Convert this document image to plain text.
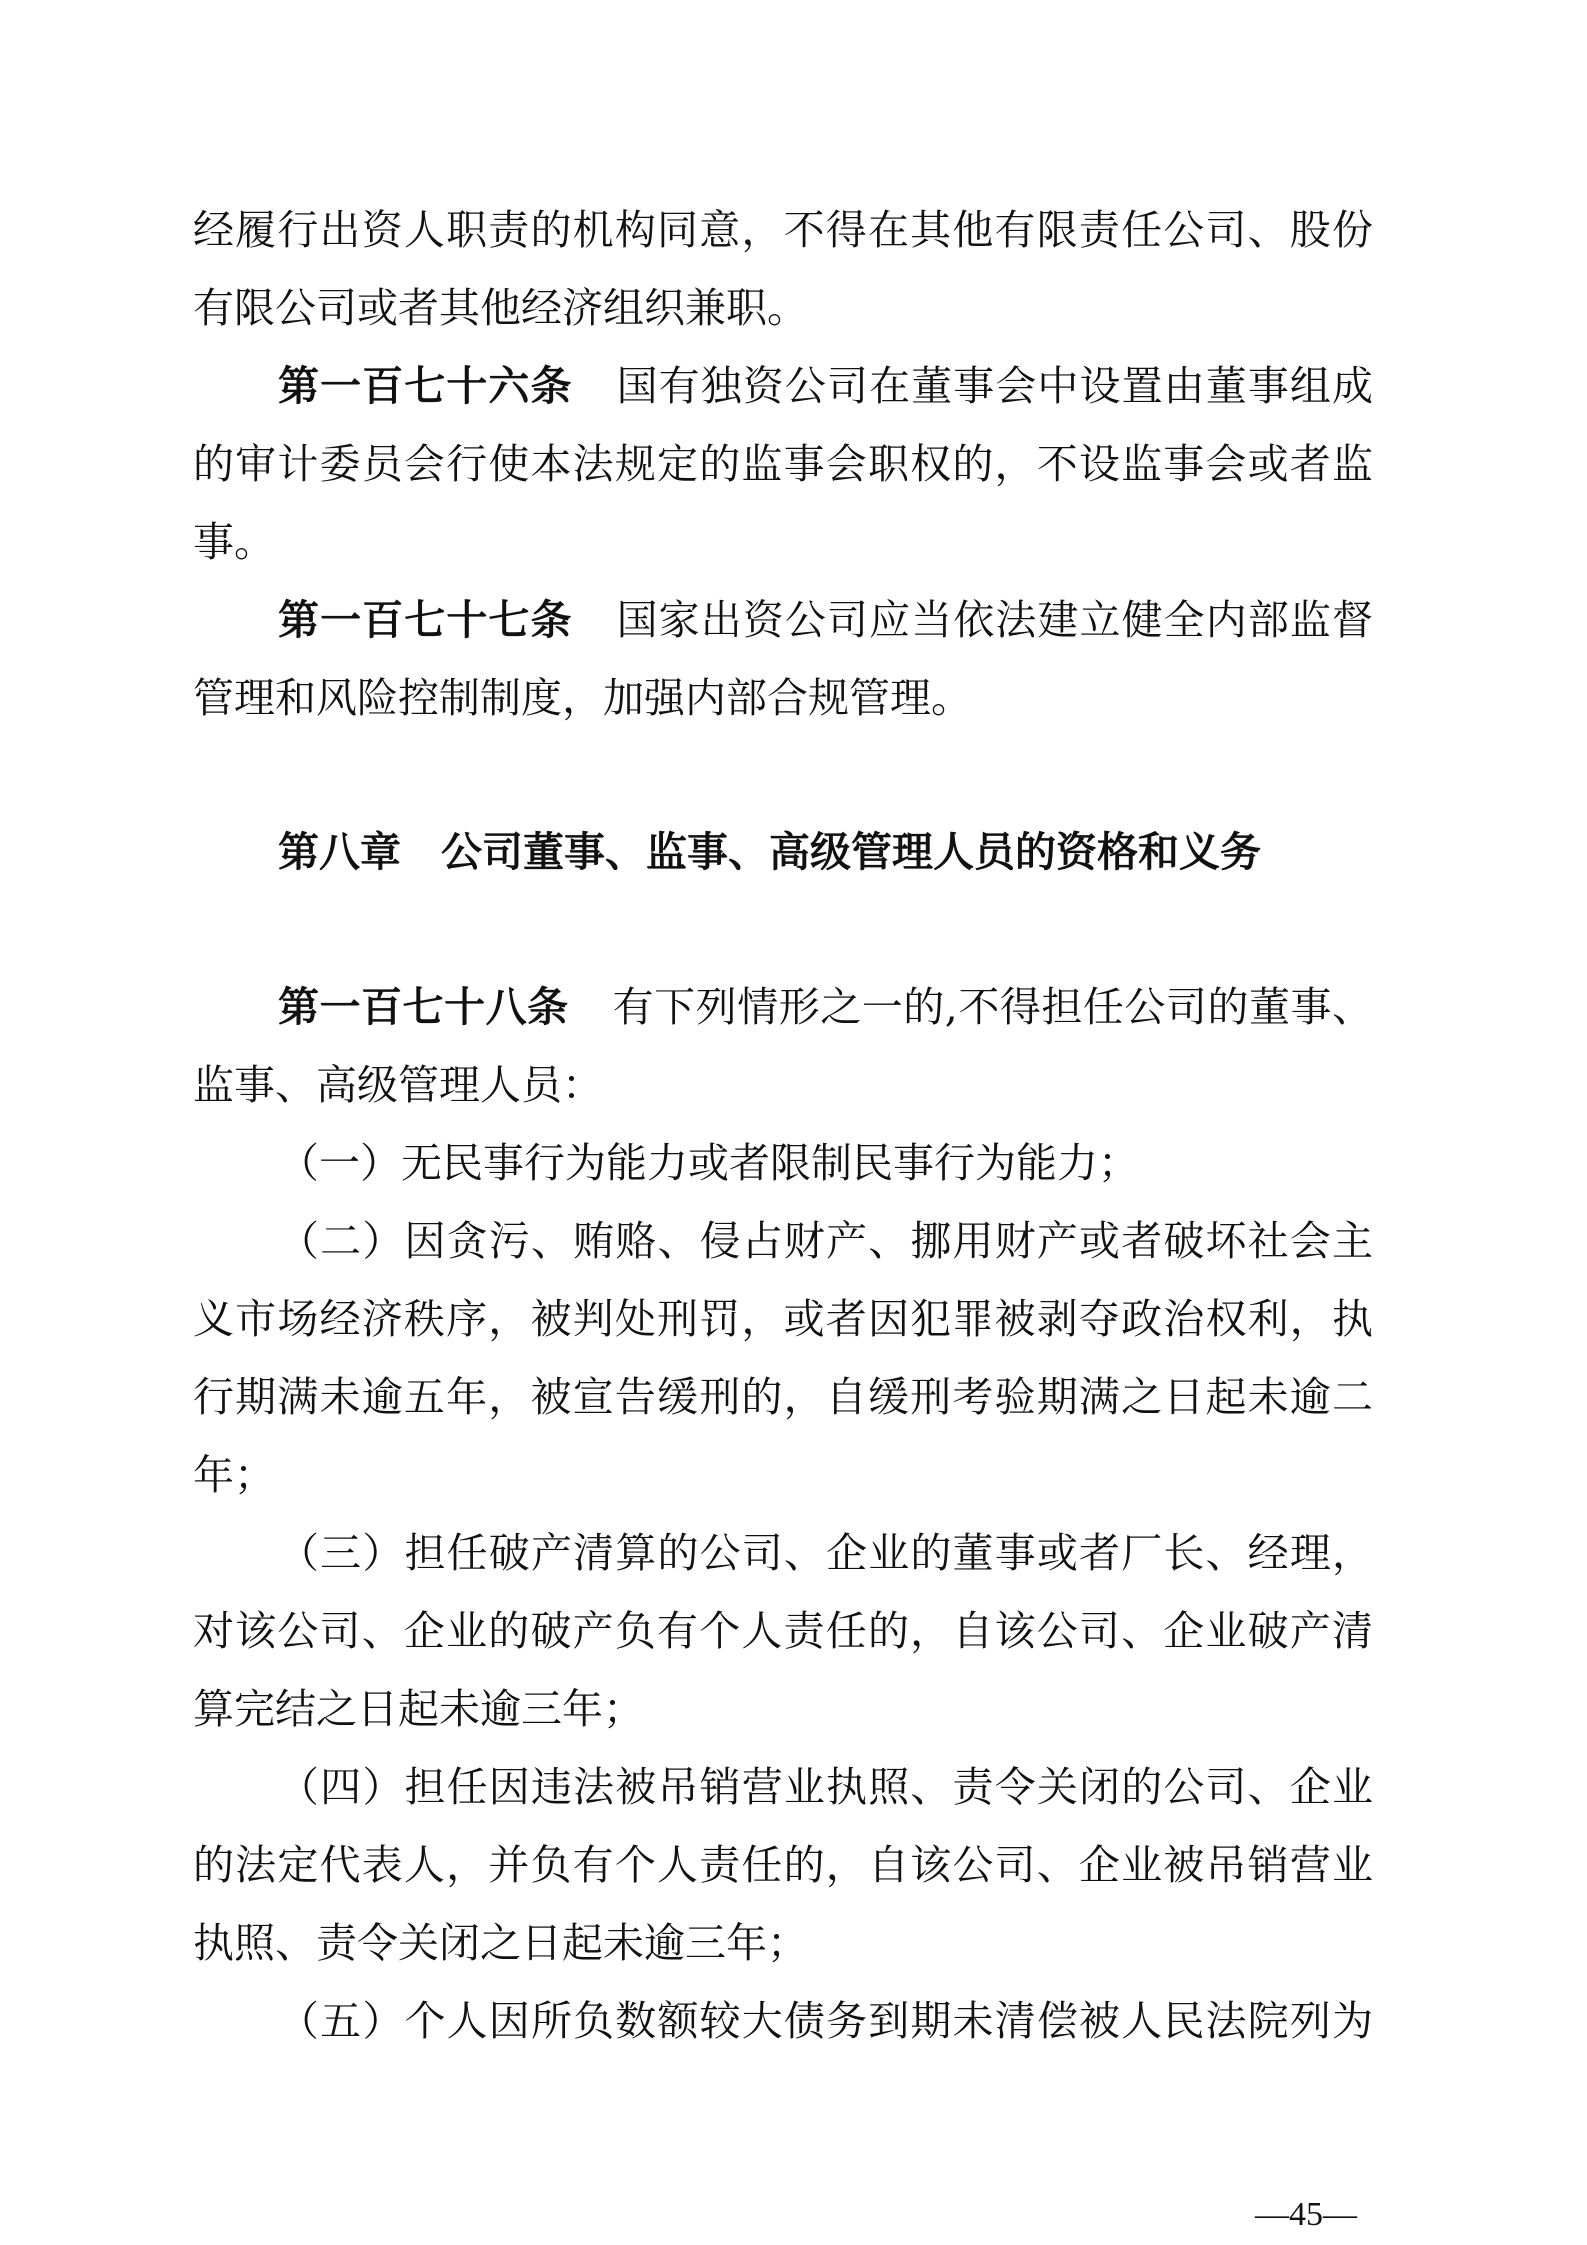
经履行出资人职责的机构同意，不得在其他有限责任公司、股份
有限公司或者其他经济组织兼职。
第一百七十六条 国有独资公司在董事会中设置由董事组成
的审计委员会行使本法规定的监事会职权的，不设监事会或者监
事。
第一百七十七条 国家出资公司应当依法建立健全内部监督
管理和风险控制制度，加强内部合规管理。
第八章 公司董事、监事、高级管理人员的资格和义务
第一百七十八条 有下列情形之一的,不得担任公司的董事、
监事、高级管理人员：
（一）无民事行为能力或者限制民事行为能力；
（二）因贪污、贿赂、侵占财产、挪用财产或者破坏社会主
义市场经济秩序，被判处刑罚，或者因犯罪被剥夺政治权利，执
行期满未逾五年，被宣告缓刑的，自缓刑考验期满之日起未逾二
年；
（三）担任破产清算的公司、企业的董事或者厂长、经理，
对该公司、企业的破产负有个人责任的，自该公司、企业破产清
算完结之日起未逾三年；
（四）担任因违法被吊销营业执照、责令关闭的公司、企业
的法定代表人，并负有个人责任的，自该公司、企业被吊销营业
执照、责令关闭之日起未逾三年；
（五）个人因所负数额较大债务到期未清偿被人民法院列为
—45—
